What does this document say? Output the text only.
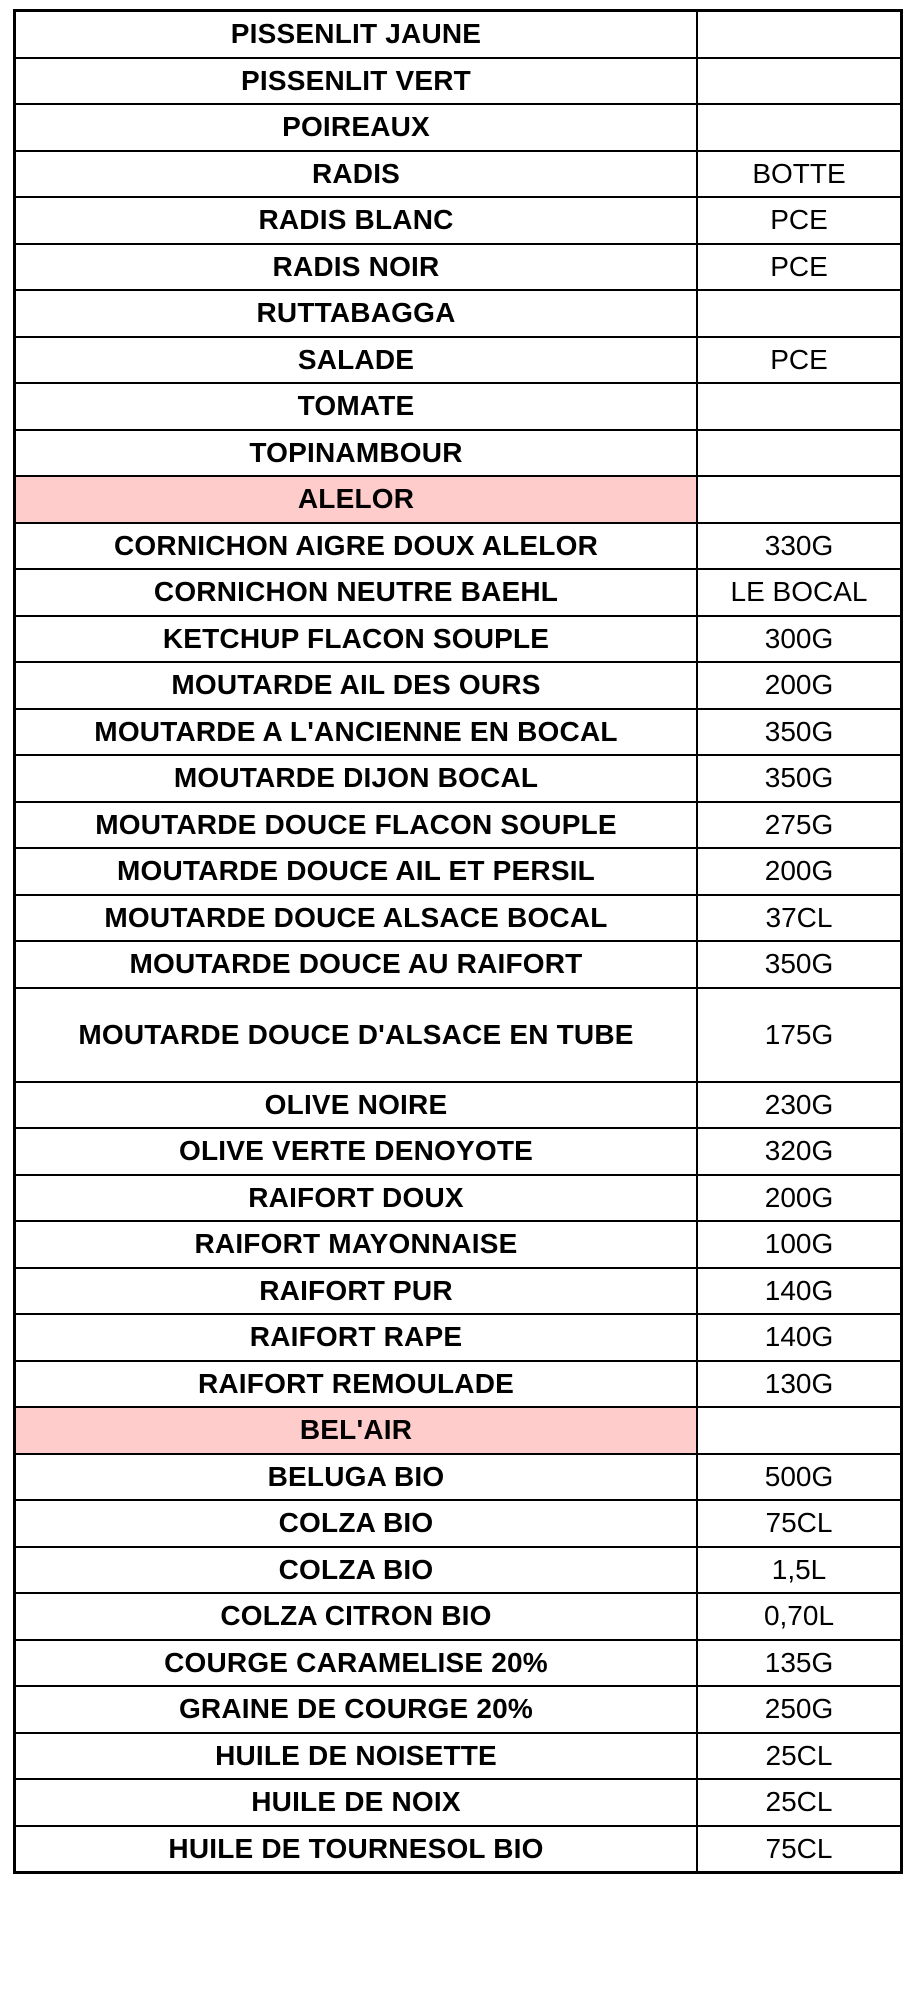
PISSENLIT JAUNE	
PISSENLIT VERT	
POIREAUX	
RADIS	BOTTE
RADIS BLANC	PCE
RADIS NOIR	PCE
RUTTABAGGA	
SALADE	PCE
TOMATE	
TOPINAMBOUR	
ALELOR	
CORNICHON AIGRE DOUX ALELOR	330G
CORNICHON NEUTRE BAEHL	LE BOCAL
KETCHUP FLACON SOUPLE	300G
MOUTARDE AIL DES OURS	200G
MOUTARDE A L'ANCIENNE EN BOCAL	350G
MOUTARDE DIJON BOCAL	350G
MOUTARDE DOUCE FLACON SOUPLE	275G
MOUTARDE DOUCE AIL ET PERSIL	200G
MOUTARDE DOUCE ALSACE BOCAL	37CL
MOUTARDE DOUCE AU RAIFORT	350G
MOUTARDE DOUCE D'ALSACE EN TUBE	175G
OLIVE NOIRE	230G
OLIVE VERTE DENOYOTE	320G
RAIFORT DOUX	200G
RAIFORT MAYONNAISE	100G
RAIFORT PUR	140G
RAIFORT RAPE	140G
RAIFORT REMOULADE	130G
BEL'AIR	
BELUGA BIO	500G
COLZA BIO	75CL
COLZA BIO	1,5L
COLZA CITRON BIO	0,70L
COURGE CARAMELISE 20%	135G
GRAINE DE COURGE 20%	250G
HUILE DE NOISETTE	25CL
HUILE DE NOIX	25CL
HUILE DE TOURNESOL BIO	75CL
